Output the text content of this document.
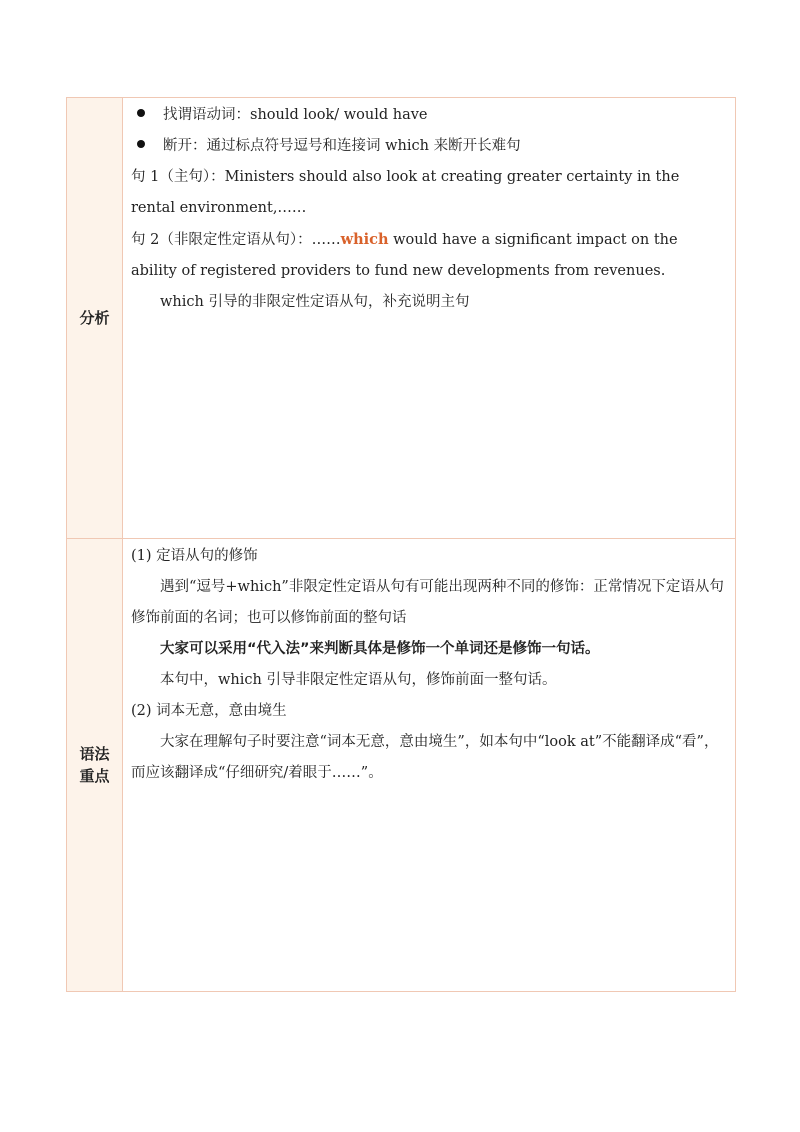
分析
找谓语动词：should look/ would have
断开：通过标点符号逗号和连接词 which 来断开长难句

句 1（主句）：Ministers should also look at creating greater certainty in the rental environment,……

句 2（非限定性定语从句）：……which would have a significant impact on the ability of registered providers to fund new developments from revenues.

which 引导的非限定性定语从句，补充说明主句

语法
重点

(1) 定语从句的修饰

遇到“逗号+which”非限定性定语从句有可能出现两种不同的修饰：正常情况下定语从句修饰前面的名词；也可以修饰前面的整句话

大家可以采用“代入法”来判断具体是修饰一个单词还是修饰一句话。

本句中，which 引导非限定性定语从句，修饰前面一整句话。

(2) 词本无意，意由境生

大家在理解句子时要注意“词本无意，意由境生”，如本句中“look at”不能翻译成“看”，而应该翻译成“仔细研究/着眼于……”。
